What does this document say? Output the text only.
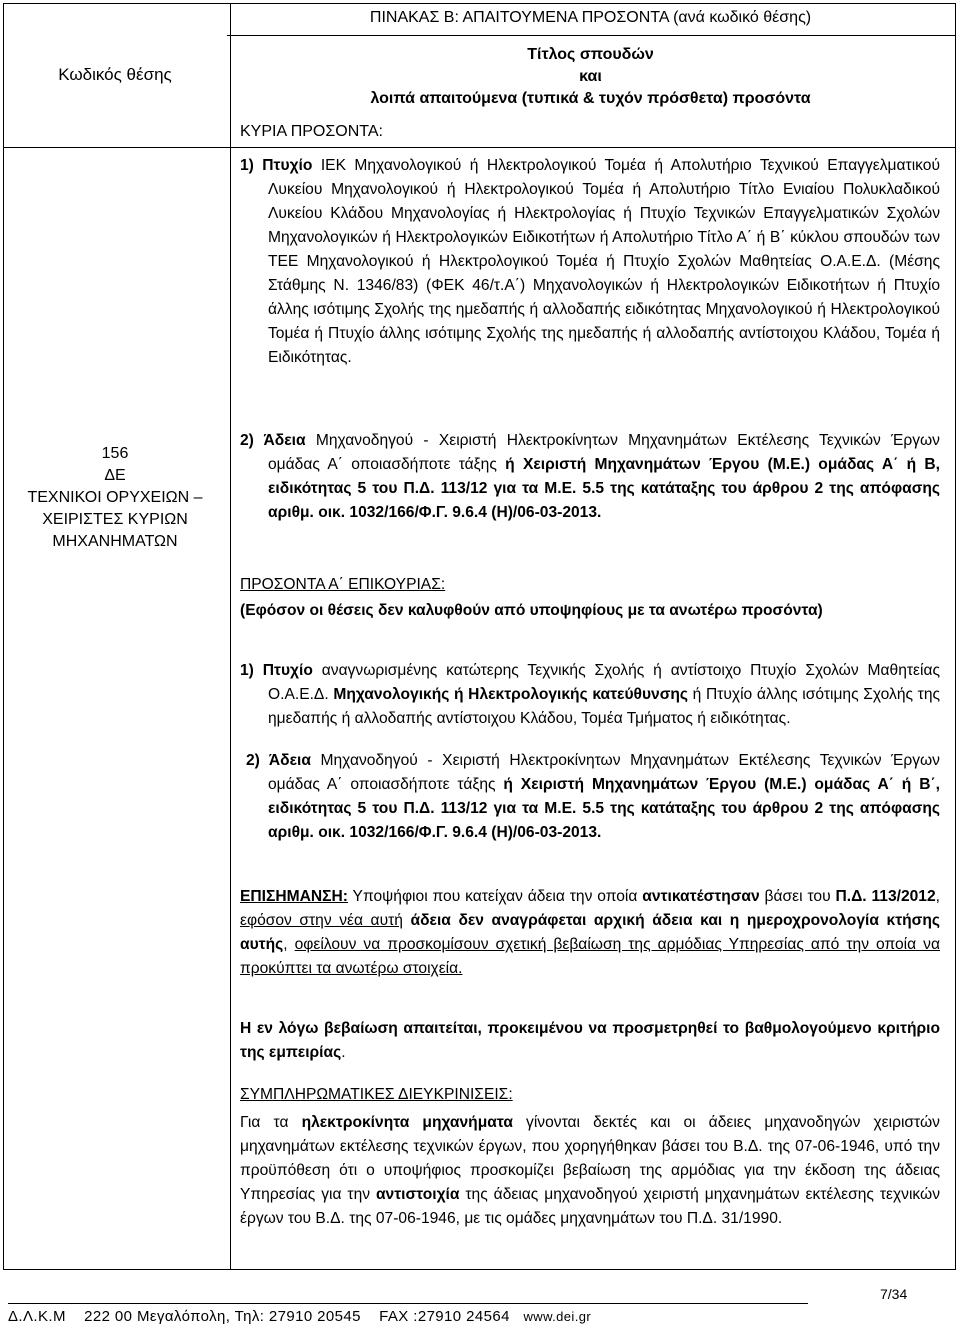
ΠΙΝΑΚΑΣ Β: ΑΠΑΙΤΟΥΜΕΝΑ ΠΡΟΣΟΝΤΑ (ανά κωδικό θέσης)
Κωδικός θέσης
Τίτλος σπουδών
και
λοιπά απαιτούμενα (τυπικά & τυχόν πρόσθετα) προσόντα
ΚΥΡΙΑ ΠΡΟΣΟΝΤΑ:
156
ΔΕ
ΤΕΧΝΙΚΟΙ ΟΡΥΧΕΙΩΝ –
ΧΕΙΡΙΣΤΕΣ ΚΥΡΙΩΝ
ΜΗΧΑΝΗΜΑΤΩΝ
1) Πτυχίο ΙΕΚ Μηχανολογικού ή Ηλεκτρολογικού Τομέα ή Απολυτήριο Τεχνικού Επαγγελματικού Λυκείου Μηχανολογικού ή Ηλεκτρολογικού Τομέα ή Απολυτήριο Τίτλο Ενιαίου Πολυκλαδικού Λυκείου Κλάδου Μηχανολογίας ή Ηλεκτρολογίας ή Πτυχίο Τεχνικών Επαγγελματικών Σχολών Μηχανολογικών ή Ηλεκτρολογικών Ειδικοτήτων ή Απολυτήριο Τίτλο Α΄ ή Β΄ κύκλου σπουδών των ΤΕΕ Μηχανολογικού ή Ηλεκτρολογικού Τομέα ή Πτυχίο Σχολών Μαθητείας Ο.Α.Ε.Δ. (Μέσης Στάθμης Ν. 1346/83) (ΦΕΚ 46/τ.Α΄) Μηχανολογικών ή Ηλεκτρολογικών Ειδικοτήτων ή Πτυχίο άλλης ισότιμης Σχολής της ημεδαπής ή αλλοδαπής ειδικότητας Μηχανολογικού ή Ηλεκτρολογικού Τομέα ή Πτυχίο άλλης ισότιμης Σχολής της ημεδαπής ή αλλοδαπής αντίστοιχου Κλάδου, Τομέα ή Ειδικότητας.
2) Άδεια Μηχανοδηγού - Χειριστή Ηλεκτροκίνητων Μηχανημάτων Εκτέλεσης Τεχνικών Έργων ομάδας Α΄ οποιασδήποτε τάξης ή Χειριστή Μηχανημάτων Έργου (Μ.Ε.) ομάδας Α΄ ή Β, ειδικότητας 5 του Π.Δ. 113/12 για τα Μ.Ε. 5.5 της κατάταξης του άρθρου 2 της απόφασης αριθμ. οικ. 1032/166/Φ.Γ. 9.6.4 (Η)/06-03-2013.
ΠΡΟΣΟΝΤΑ Α΄ ΕΠΙΚΟΥΡΙΑΣ:
(Εφόσον οι θέσεις δεν καλυφθούν από υποψηφίους με τα ανωτέρω προσόντα)
1) Πτυχίο αναγνωρισμένης κατώτερης Τεχνικής Σχολής ή αντίστοιχο Πτυχίο Σχολών Μαθητείας Ο.Α.Ε.Δ. Μηχανολογικής ή Ηλεκτρολογικής κατεύθυνσης ή Πτυχίο άλλης ισότιμης Σχολής της ημεδαπής ή αλλοδαπής αντίστοιχου Κλάδου, Τομέα Τμήματος ή ειδικότητας.
2) Άδεια Μηχανοδηγού - Χειριστή Ηλεκτροκίνητων Μηχανημάτων Εκτέλεσης Τεχνικών Έργων ομάδας Α΄ οποιασδήποτε τάξης ή Χειριστή Μηχανημάτων Έργου (Μ.Ε.) ομάδας Α΄ ή Β΄, ειδικότητας 5 του Π.Δ. 113/12 για τα Μ.Ε. 5.5 της κατάταξης του άρθρου 2 της απόφασης αριθμ. οικ. 1032/166/Φ.Γ. 9.6.4 (Η)/06-03-2013.
ΕΠΙΣΗΜΑΝΣΗ: Υποψήφιοι που κατείχαν άδεια την οποία αντικατέστησαν βάσει του Π.Δ. 113/2012, εφόσον στην νέα αυτή άδεια δεν αναγράφεται αρχική άδεια και η ημεροχρονολογία κτήσης αυτής, οφείλουν να προσκομίσουν σχετική βεβαίωση της αρμόδιας Υπηρεσίας από την οποία να προκύπτει τα ανωτέρω στοιχεία.
Η εν λόγω βεβαίωση απαιτείται, προκειμένου να προσμετρηθεί το βαθμολογούμενο κριτήριο της εμπειρίας.
ΣΥΜΠΛΗΡΩΜΑΤΙΚΕΣ ΔΙΕΥΚΡΙΝΙΣΕΙΣ:
Για τα ηλεκτροκίνητα μηχανήματα γίνονται δεκτές και οι άδειες μηχανοδηγών χειριστών μηχανημάτων εκτέλεσης τεχνικών έργων, που χορηγήθηκαν βάσει του Β.Δ. της 07-06-1946, υπό την προϋπόθεση ότι ο υποψήφιος προσκομίζει βεβαίωση της αρμόδιας για την έκδοση της άδειας Υπηρεσίας για την αντιστοιχία της άδειας μηχανοδηγού χειριστή μηχανημάτων εκτέλεσης τεχνικών έργων του Β.Δ. της 07-06-1946, με τις ομάδες μηχανημάτων του Π.Δ. 31/1990.
Δ.Λ.Κ.Μ 222 00 Μεγαλόπολη, Τηλ: 27910 20545 FAX :27910 24564 www.dei.gr
7/34
